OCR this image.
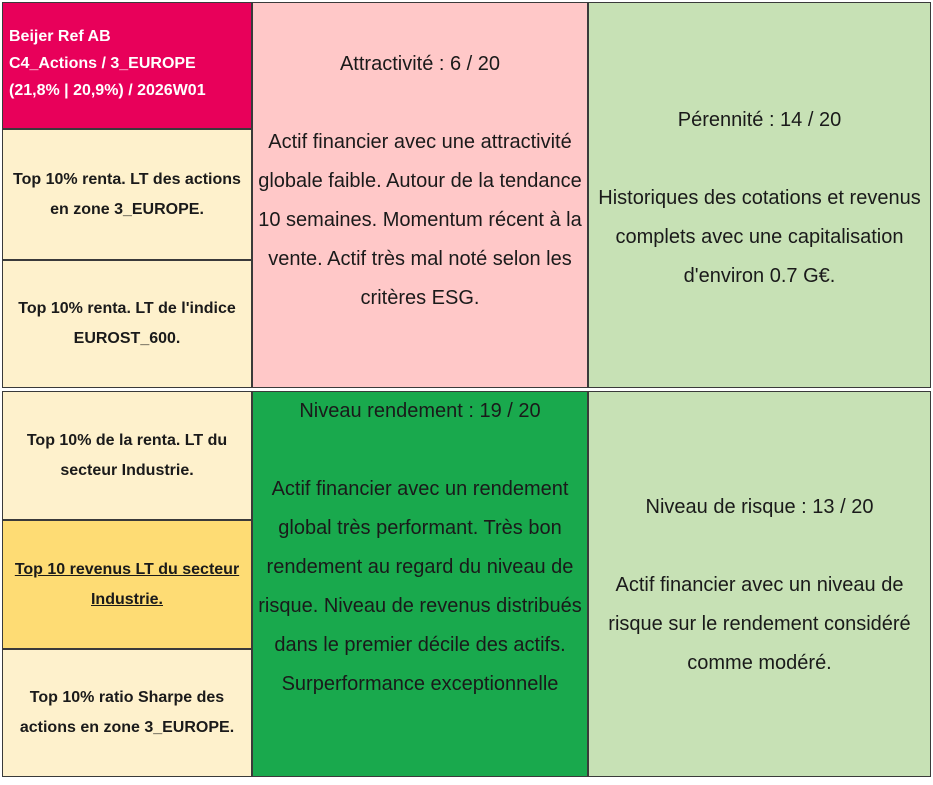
Beijer Ref AB
C4_Actions / 3_EUROPE
(21,8% | 20,9%) / 2026W01
Top 10% renta. LT des actions en zone 3_EUROPE.
Top 10% renta. LT de l'indice EUROST_600.
Top 10% de la renta. LT du secteur Industrie.
Top 10 revenus LT du secteur Industrie.
Top 10% ratio Sharpe des actions en zone 3_EUROPE.
Attractivité : 6 / 20
Actif financier avec une attractivité globale faible. Autour de la tendance 10 semaines. Momentum récent à la vente. Actif très mal noté selon les critères ESG.
Pérennité : 14 / 20
Historiques des cotations et revenus complets avec une capitalisation d'environ 0.7 G€.
Niveau rendement : 19 / 20
Actif financier avec un rendement global très performant. Très bon rendement au regard du niveau de risque. Niveau de revenus distribués dans le premier décile des actifs. Surperformance exceptionnelle
Niveau de risque : 13 / 20
Actif financier avec un niveau de risque sur le rendement considéré comme modéré.
